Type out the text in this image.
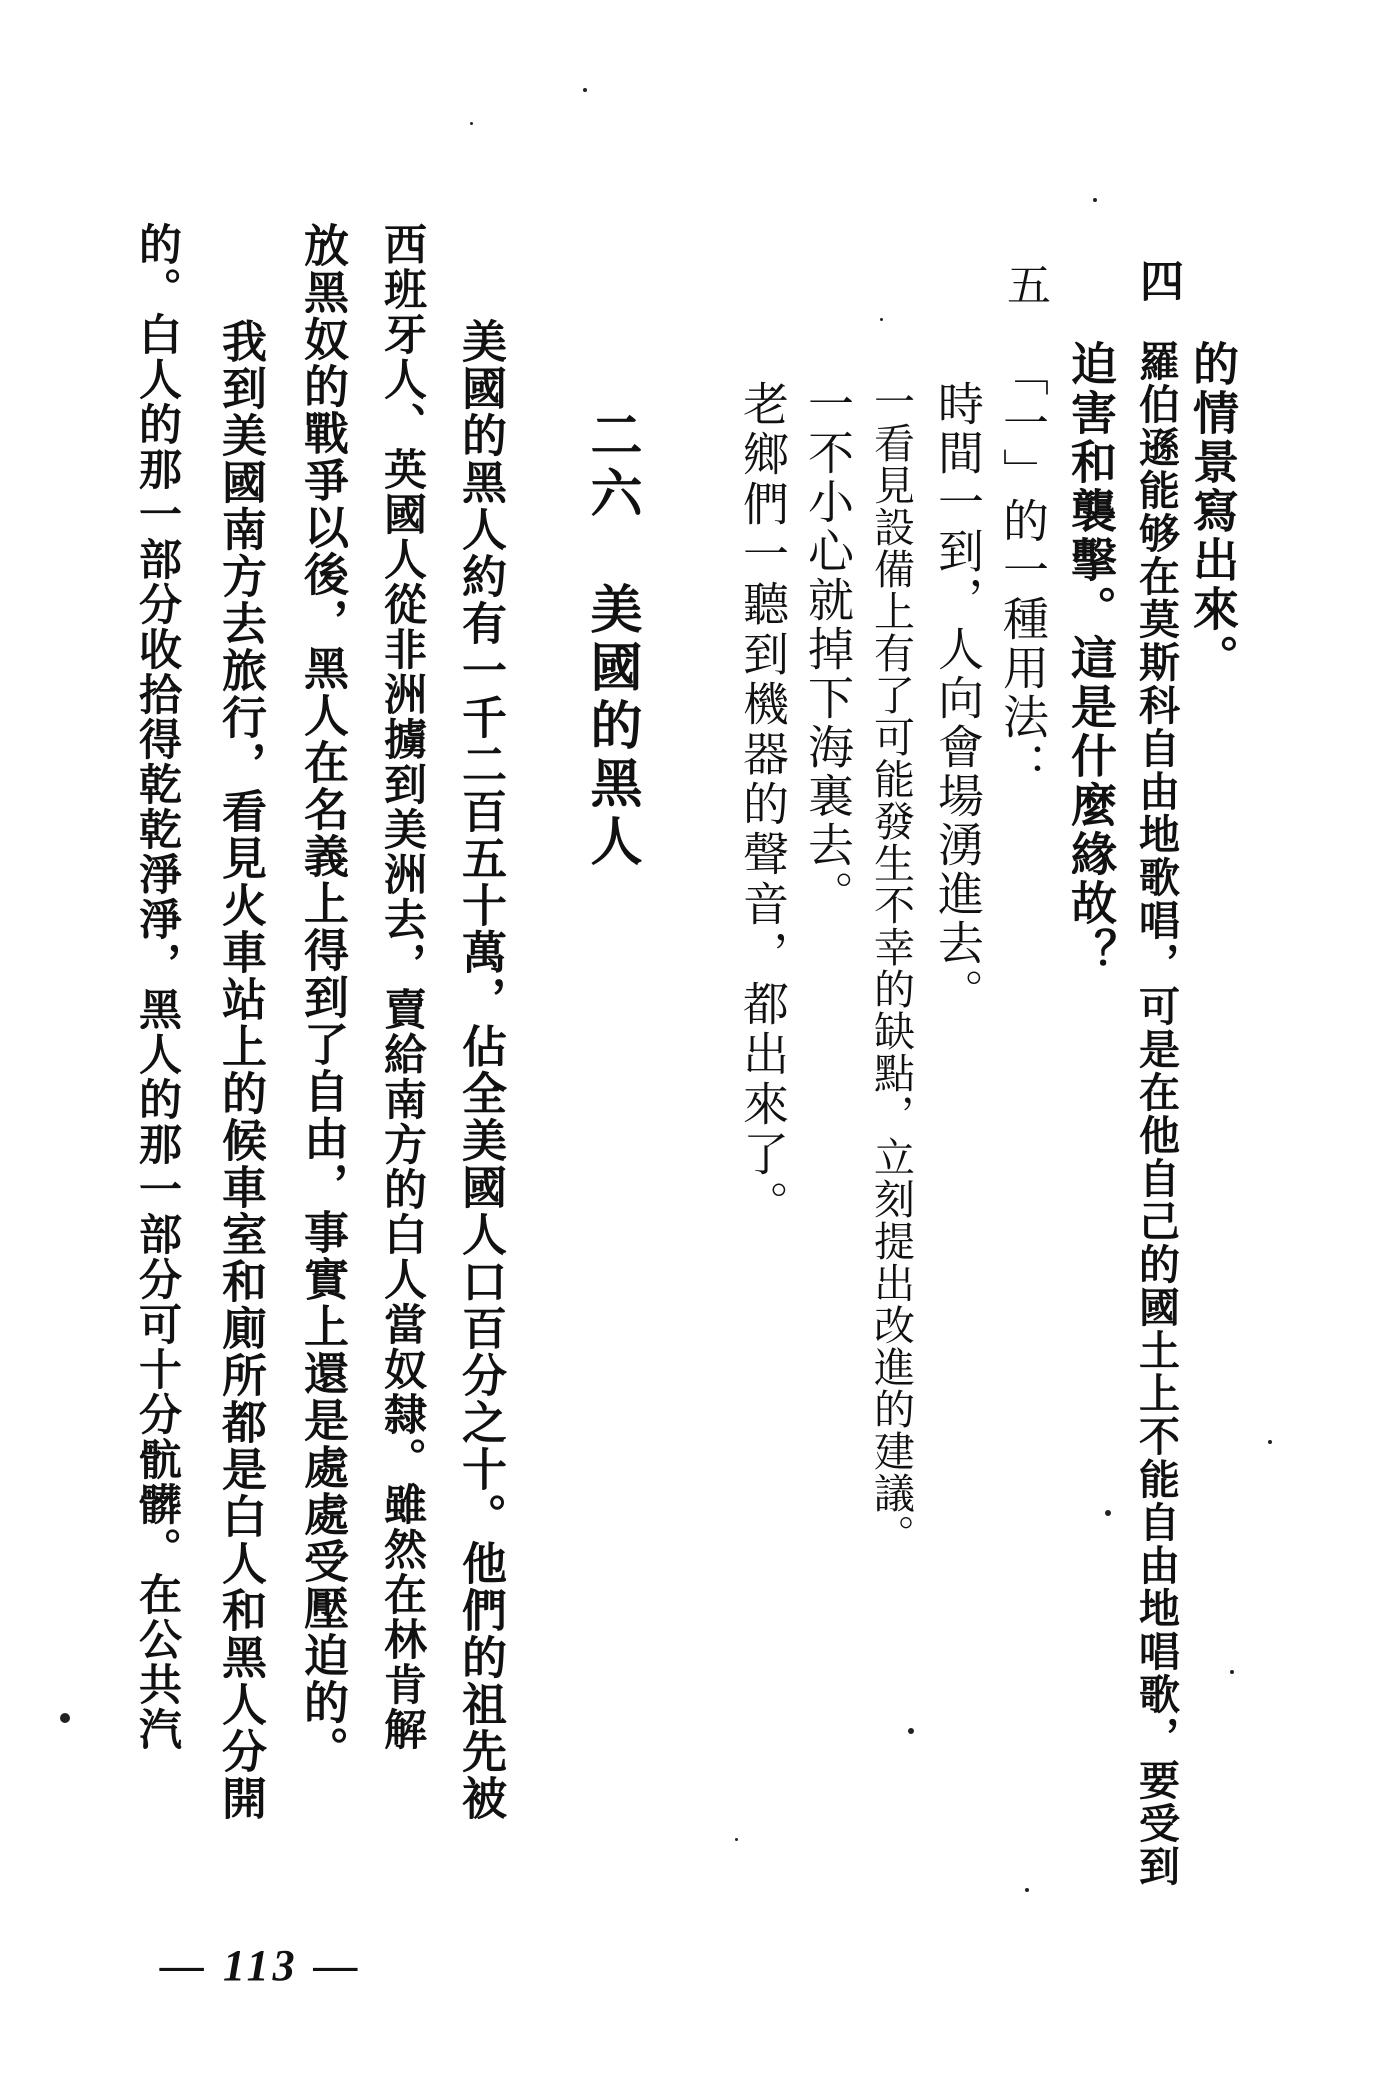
的情景寫出來。
四
羅伯遜能够在莫斯科自由地歌唱，可是在他自己的國土上不能自由地唱歌，要受到
迫害和襲擊。這是什麼緣故？
五
「一」的一種用法：
時間一到，人向會場湧進去。
一看見設備上有了可能發生不幸的缺點，立刻提出改進的建議。
一不小心就掉下海裏去。
老鄉們一聽到機器的聲音，都出來了。
二六　美國的黑人
美國的黑人約有一千二百五十萬，佔全美國人口百分之十。他們的祖先被
西班牙人、英國人從非洲擄到美洲去，賣給南方的白人當奴隸。雖然在林肯解
放黑奴的戰爭以後，黑人在名義上得到了自由，事實上還是處處受壓迫的。
我到美國南方去旅行，看見火車站上的候車室和廁所都是白人和黑人分開
的。白人的那一部分收拾得乾乾淨淨，黑人的那一部分可十分骯髒。在公共汽
— 113 —
